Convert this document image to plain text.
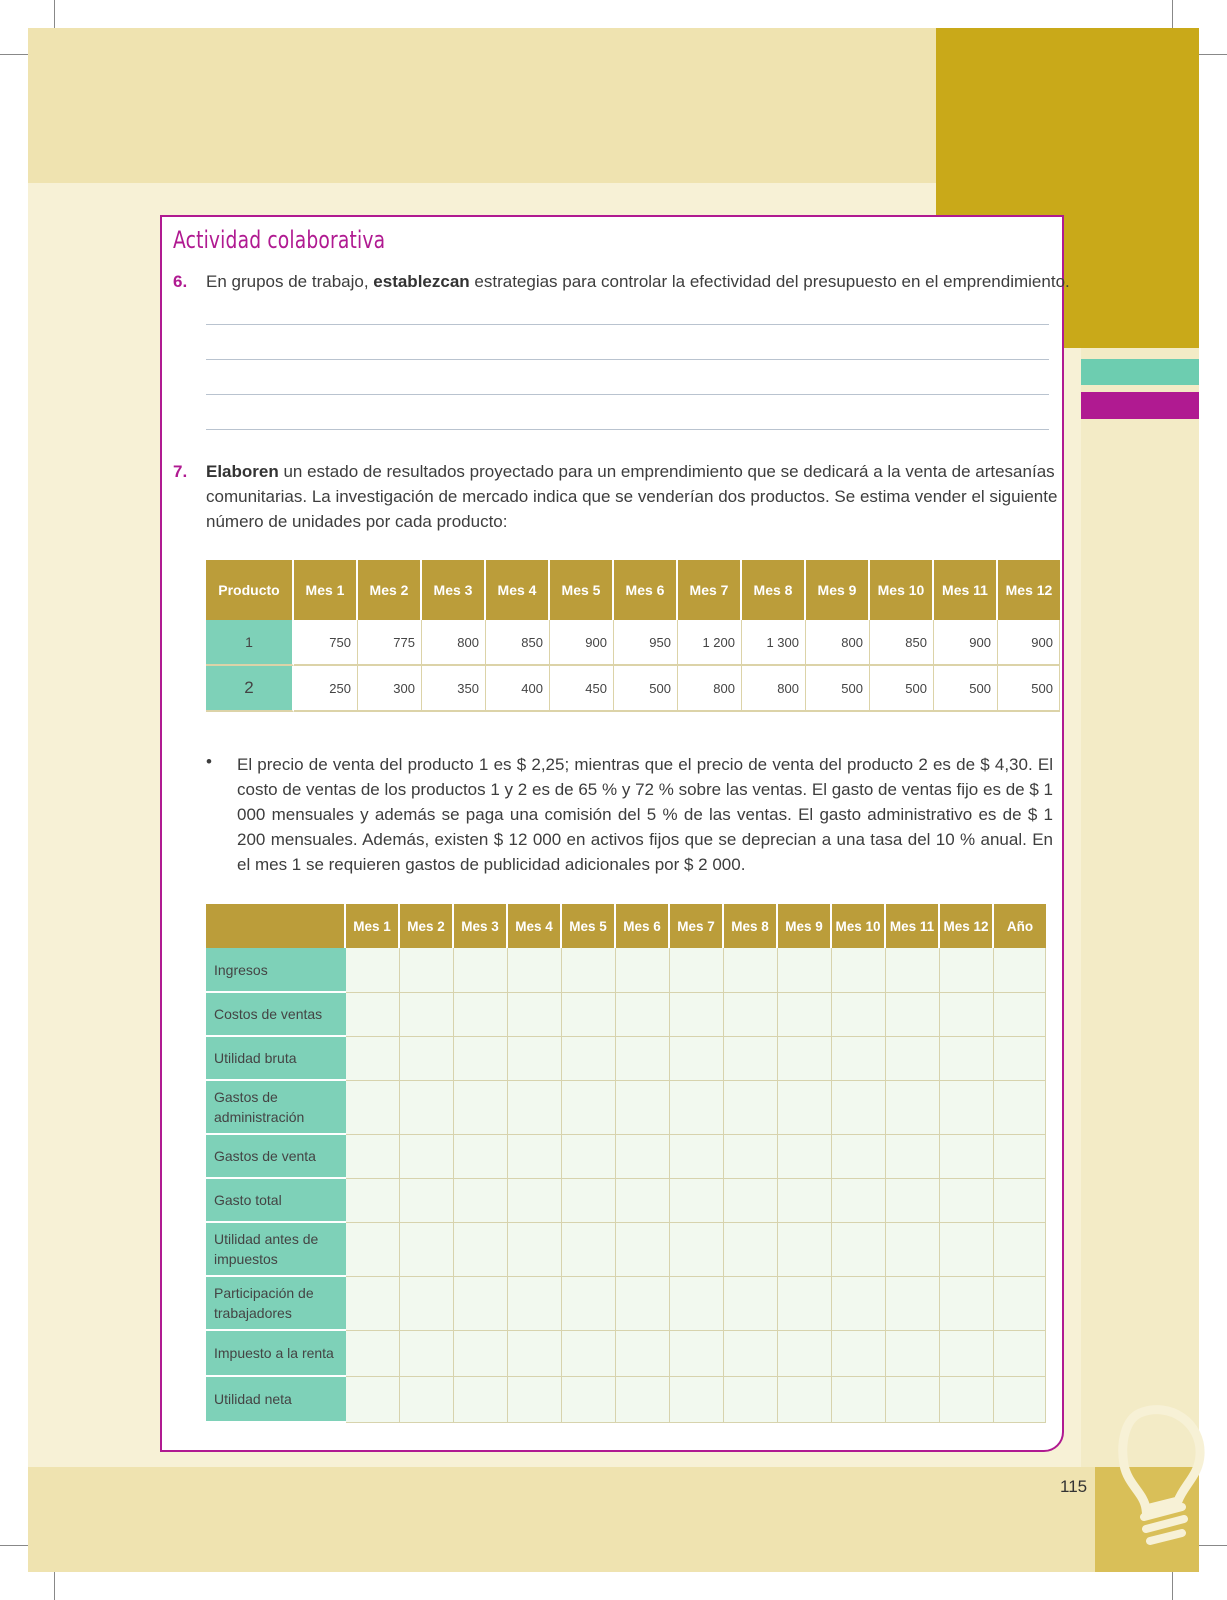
Actividad colaborativa
6. En grupos de trabajo, establezcan estrategias para controlar la efectividad del presupuesto en el emprendimiento.
7. Elaboren un estado de resultados proyectado para un emprendimiento que se dedicará a la venta de artesanías
comunitarias. La investigación de mercado indica que se venderían dos productos. Se estima vender el siguiente
número de unidades por cada producto:
Producto	Mes 1	Mes 2	Mes 3	Mes 4	Mes 5	Mes 6	Mes 7	Mes 8	Mes 9	Mes 10	Mes 11	Mes 12
1	750	775	800	850	900	950	1 200	1 300	800	850	900	900
2	250	300	350	400	450	500	800	800	500	500	500	500
• El precio de venta del producto 1 es $ 2,25; mientras que el precio de venta del producto 2 es de $ 4,30. El costo de ventas de los productos 1 y 2 es de 65 % y 72 % sobre las ventas. El gasto de ventas fijo es de $ 1 000 mensuales y además se paga una comisión del 5 % de las ventas. El gasto administrativo es de $ 1 200 mensuales. Además, existen $ 12 000 en activos fijos que se deprecian a una tasa del 10 % anual. En el mes 1 se requieren gastos de publicidad adicionales por $ 2 000.
	Mes 1	Mes 2	Mes 3	Mes 4	Mes 5	Mes 6	Mes 7	Mes 8	Mes 9	Mes 10	Mes 11	Mes 12	Año
Ingresos													
Costos de ventas													
Utilidad bruta													
Gastos de administración													
Gastos de venta													
Gasto total													
Utilidad antes de impuestos													
Participación de trabajadores													
Impuesto a la renta													
Utilidad neta													
115
